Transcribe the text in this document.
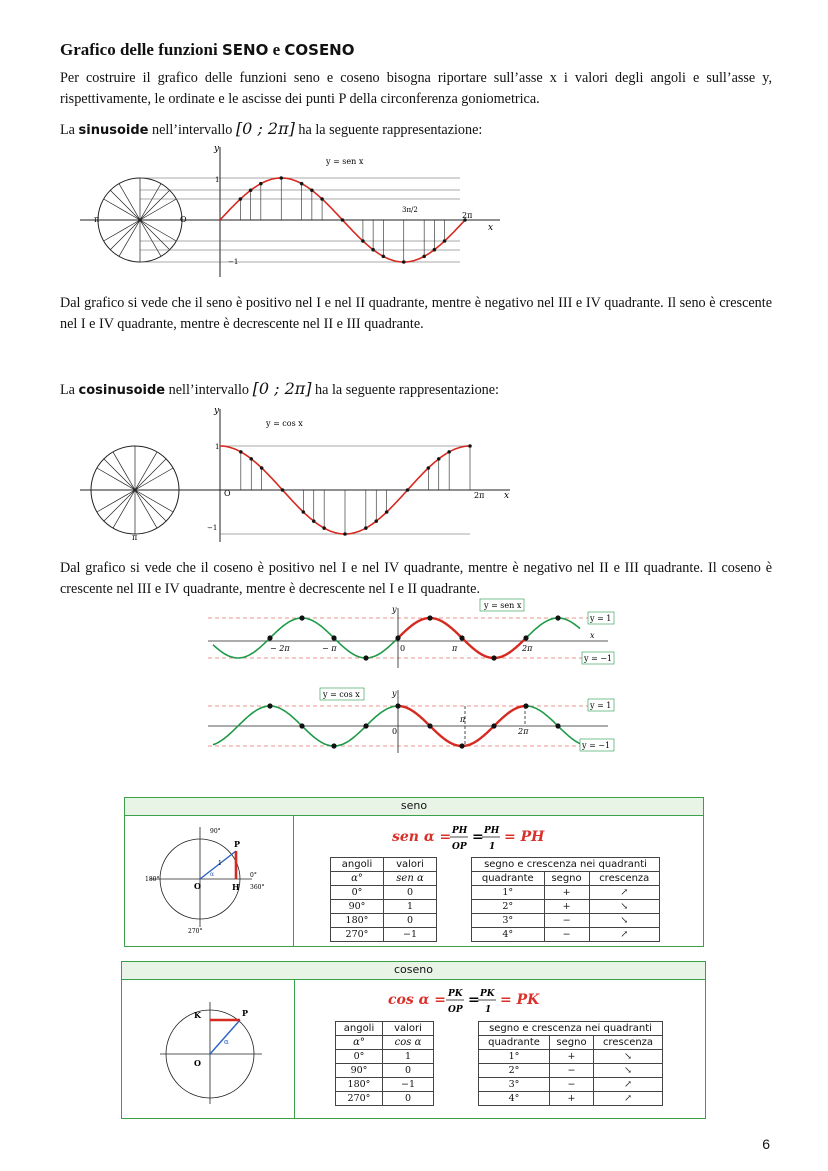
Grafico delle funzioni SENO e COSENO
Per costruire il grafico delle funzioni seno e coseno bisogna riportare sull’asse x i valori degli angoli e sull’asse y, rispettivamente, le ordinate e le ascisse dei punti P della circonferenza goniometrica.
La sinusoide nell’intervallo [0 ; 2π] ha la seguente rappresentazione:
y
x
y = sen x
1
−1
O
π	2π
3π/2
Dal grafico si vede che il seno è positivo nel I e nel II quadrante, mentre è negativo nel III e IV quadrante. Il seno è crescente nel I e IV quadrante, mentre è decrescente nel II e III quadrante.
La cosinusoide nell’intervallo [0 ; 2π] ha la seguente rappresentazione:
y
x
y = cos x
1
−1
O
π
2π
Dal grafico si vede che il coseno è positivo nel I e nel IV quadrante, mentre è negativo nel II e III quadrante. Il coseno è crescente nel III e IV quadrante, mentre è decrescente nel I e II quadrante.
y = sen x
y = 1
y = −1
− 2π	− π	0	π	2π
y
x
y = cos x
y = 1
y = −1
0
π
2π
y
seno
90°
180°
0°
360°
270°
P
O	H
1
α
sen α = PH
OP
= PH
1
= PH
angoli	valori		segno e crescenza nei quadranti		
α°	sen α		quadrante	segno	crescenza
0°	0		1°	+	↗
90°	1		2°	+	↘
180°	0		3°	−	↘
270°	−1		4°	−	↗
coseno
K	P
O
α
cos α = PK
OP
= PK
1
= PK
angoli	valori		segno e crescenza nei quadranti		
α°	cos α		quadrante	segno	crescenza
0°	1		1°	+	↘
90°	0		2°	−	↘
180°	−1		3°	−	↗
270°	0		4°	+	↗
6
